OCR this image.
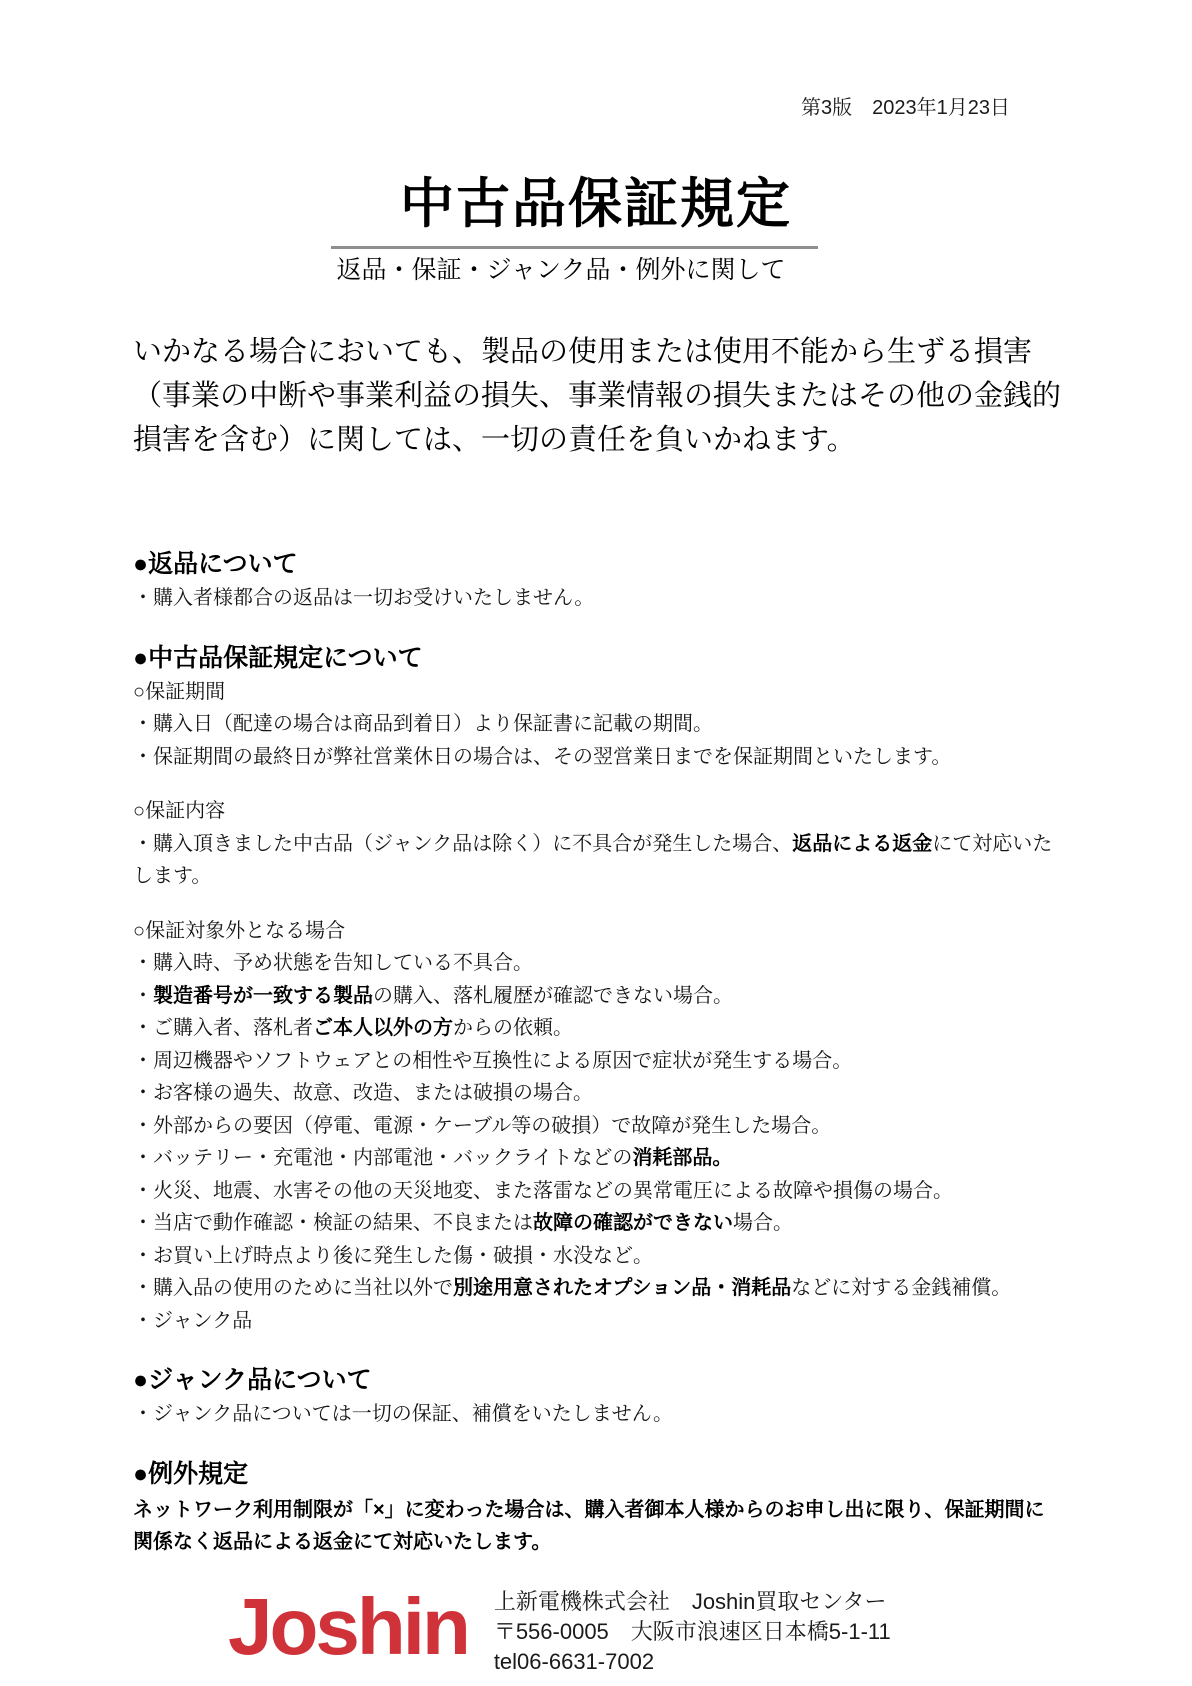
第3版　2023年1月23日
中古品保証規定
返品・保証・ジャンク品・例外に関して
いかなる場合においても、製品の使用または使用不能から生ずる損害（事業の中断や事業利益の損失、事業情報の損失またはその他の金銭的損害を含む）に関しては、一切の責任を負いかねます。
●返品について
・購入者様都合の返品は一切お受けいたしません。
●中古品保証規定について
○保証期間
・購入日（配達の場合は商品到着日）より保証書に記載の期間。
・保証期間の最終日が弊社営業休日の場合は、その翌営業日までを保証期間といたします。
○保証内容
・購入頂きました中古品（ジャンク品は除く）に不具合が発生した場合、返品による返金にて対応いたします。
○保証対象外となる場合
・購入時、予め状態を告知している不具合。
・製造番号が一致する製品の購入、落札履歴が確認できない場合。
・ご購入者、落札者ご本人以外の方からの依頼。
・周辺機器やソフトウェアとの相性や互換性による原因で症状が発生する場合。
・お客様の過失、故意、改造、または破損の場合。
・外部からの要因（停電、電源・ケーブル等の破損）で故障が発生した場合。
・バッテリー・充電池・内部電池・バックライトなどの消耗部品。
・火災、地震、水害その他の天災地変、また落雷などの異常電圧による故障や損傷の場合。
・当店で動作確認・検証の結果、不良または故障の確認ができない場合。
・お買い上げ時点より後に発生した傷・破損・水没など。
・購入品の使用のために当社以外で別途用意されたオプション品・消耗品などに対する金銭補償。
・ジャンク品
●ジャンク品について
・ジャンク品については一切の保証、補償をいたしません。
●例外規定
ネットワーク利用制限が「×」に変わった場合は、購入者御本人様からのお申し出に限り、保証期間に関係なく返品による返金にて対応いたします。
Joshin 上新電機株式会社　Joshin買取センター
〒556-0005　大阪市浪速区日本橋5-1-11
tel06-6631-7002
